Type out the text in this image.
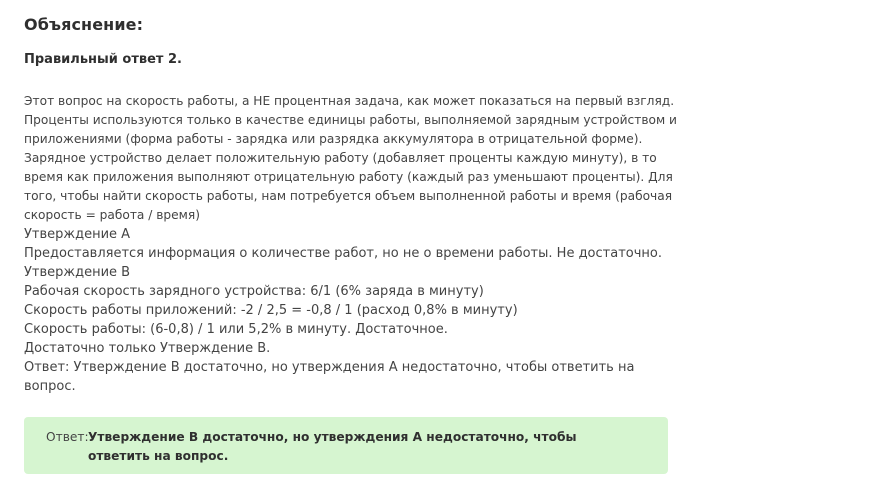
Объяснение:

Правильный ответ 2.

Этот вопрос на скорость работы, а НЕ процентная задача, как может показаться на первый взгляд. Проценты используются только в качестве единицы работы, выполняемой зарядным устройством и приложениями (форма работы - зарядка или разрядка аккумулятора в отрицательной форме). Зарядное устройство делает положительную работу (добавляет проценты каждую минуту), в то время как приложения выполняют отрицательную работу (каждый раз уменьшают проценты). Для того, чтобы найти скорость работы, нам потребуется объем выполненной работы и время (рабочая скорость = работа / время)

Утверждение A

Предоставляется информация о количестве работ, но не о времени работы. Не достаточно.

Утверждение B

Рабочая скорость зарядного устройства: 6/1 (6% заряда в минуту)

Скорость работы приложений: -2 / 2,5 = -0,8 / 1 (расход 0,8% в минуту)

Скорость работы: (6-0,8) / 1 или 5,2% в минуту. Достаточное.

Достаточно только Утверждение B.

Ответ: Утверждение B достаточно, но утверждения A недостаточно, чтобы ответить на вопрос.

Ответ: Утверждение B достаточно, но утверждения A недостаточно, чтобы ответить на вопрос.
